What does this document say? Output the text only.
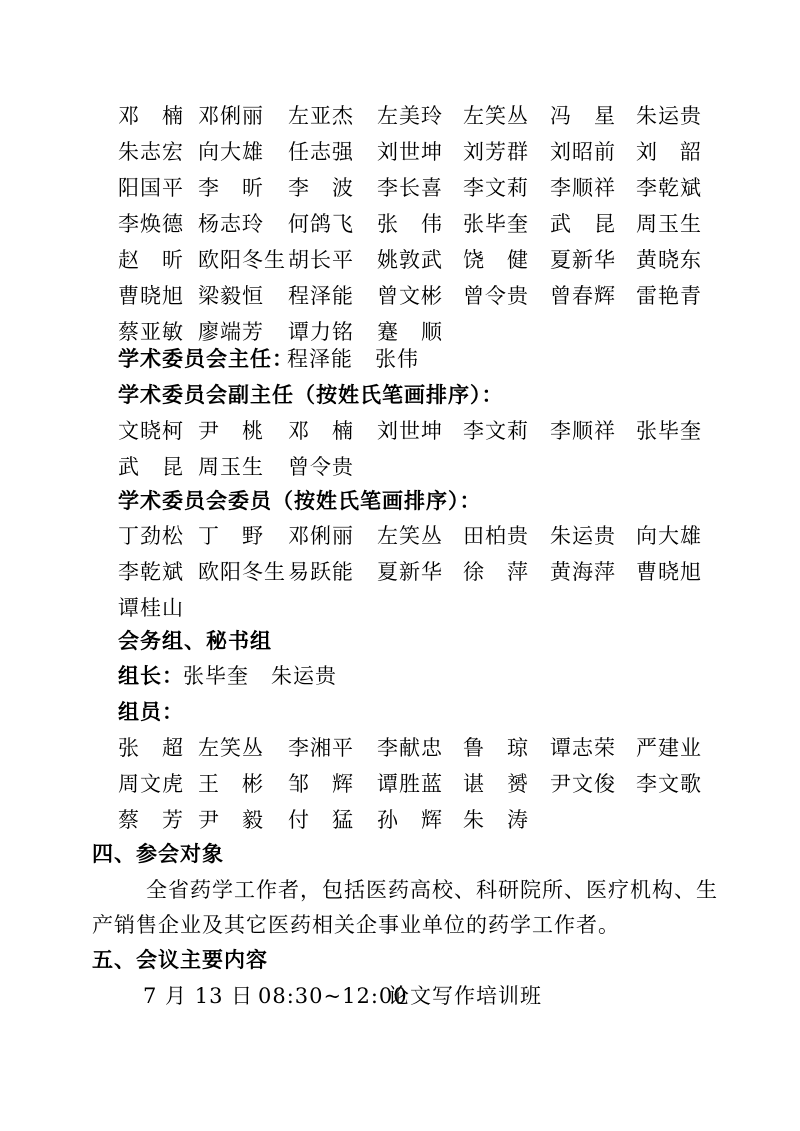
邓　楠 邓俐丽 左亚杰 左美玲 左笑丛 冯　星 朱运贵
朱志宏 向大雄 任志强 刘世坤 刘芳群 刘昭前 刘　韶
阳国平 李　昕 李　波 李长喜 李文莉 李顺祥 李乾斌
李焕德 杨志玲 何鸽飞 张　伟 张毕奎 武　昆 周玉生
赵　昕 欧阳冬生 胡长平 姚敦武 饶　健 夏新华 黄晓东
曹晓旭 梁毅恒 程泽能 曾文彬 曾令贵 曾春辉 雷艳青
蔡亚敏 廖端芳 谭力铭 蹇　顺
学术委员会主任：
程泽能　张伟
学术委员会副主任（按姓氏笔画排序）：
文晓柯 尹　桃 邓　楠 刘世坤 李文莉 李顺祥 张毕奎
武　昆 周玉生 曾令贵
学术委员会委员（按姓氏笔画排序）：
丁劲松 丁　野 邓俐丽 左笑丛 田柏贵 朱运贵 向大雄
李乾斌 欧阳冬生 易跃能 夏新华 徐　萍 黄海萍 曹晓旭
谭桂山
会务组、秘书组
组长： 张毕奎　朱运贵
组员：
张　超 左笑丛 李湘平 李献忠 鲁　琼 谭志荣 严建业
周文虎 王　彬 邹　辉 谭胜蓝 谌　赟 尹文俊 李文歌
蔡　芳 尹　毅 付　猛 孙　辉 朱　涛
四、参会对象
全省药学工作者，包括医药高校、科研院所、医疗机构、生
产销售企业及其它医药相关企事业单位的药学工作者。
五、会议主要内容
7 月 13 日 08:30~12:00
论文写作培训班
